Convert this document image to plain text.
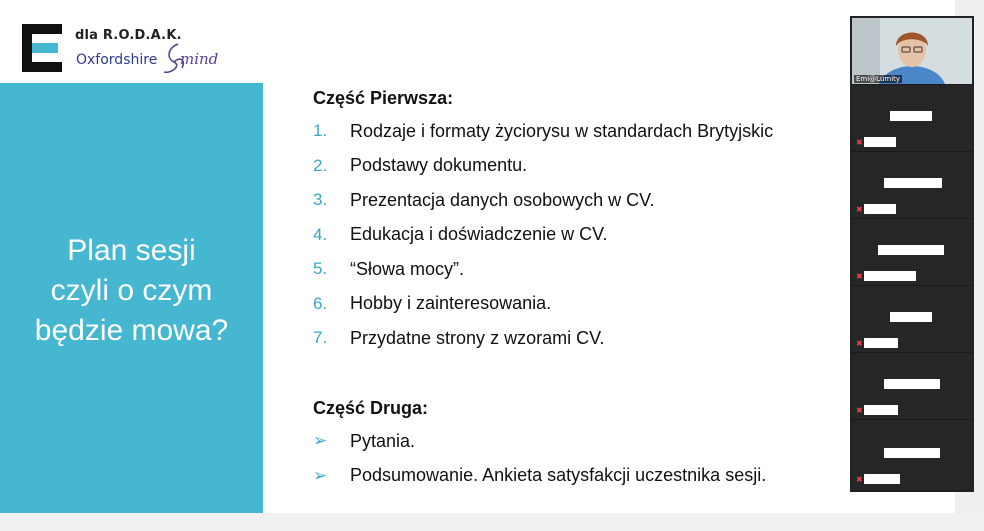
dla R.O.D.A.K.
Oxfordshire mind
Plan sesji
czyli o czym
będzie mowa?
Część Pierwsza:
1.	Rodzaje i formaty życiorysu w standardach Brytyjskic
2.	Podstawy dokumentu.
3.	Prezentacja danych osobowych w CV.
4.	Edukacja i doświadczenie w CV.
5.	“Słowa mocy”.
6.	Hobby i zainteresowania.
7.	Przydatne strony z wzorami CV.
Część Druga:
➢	Pytania.
➢	Podsumowanie. Ankieta satysfakcji uczestnika sesji.
Emi@Lumity
✖
✖
✖
✖
✖
✖
